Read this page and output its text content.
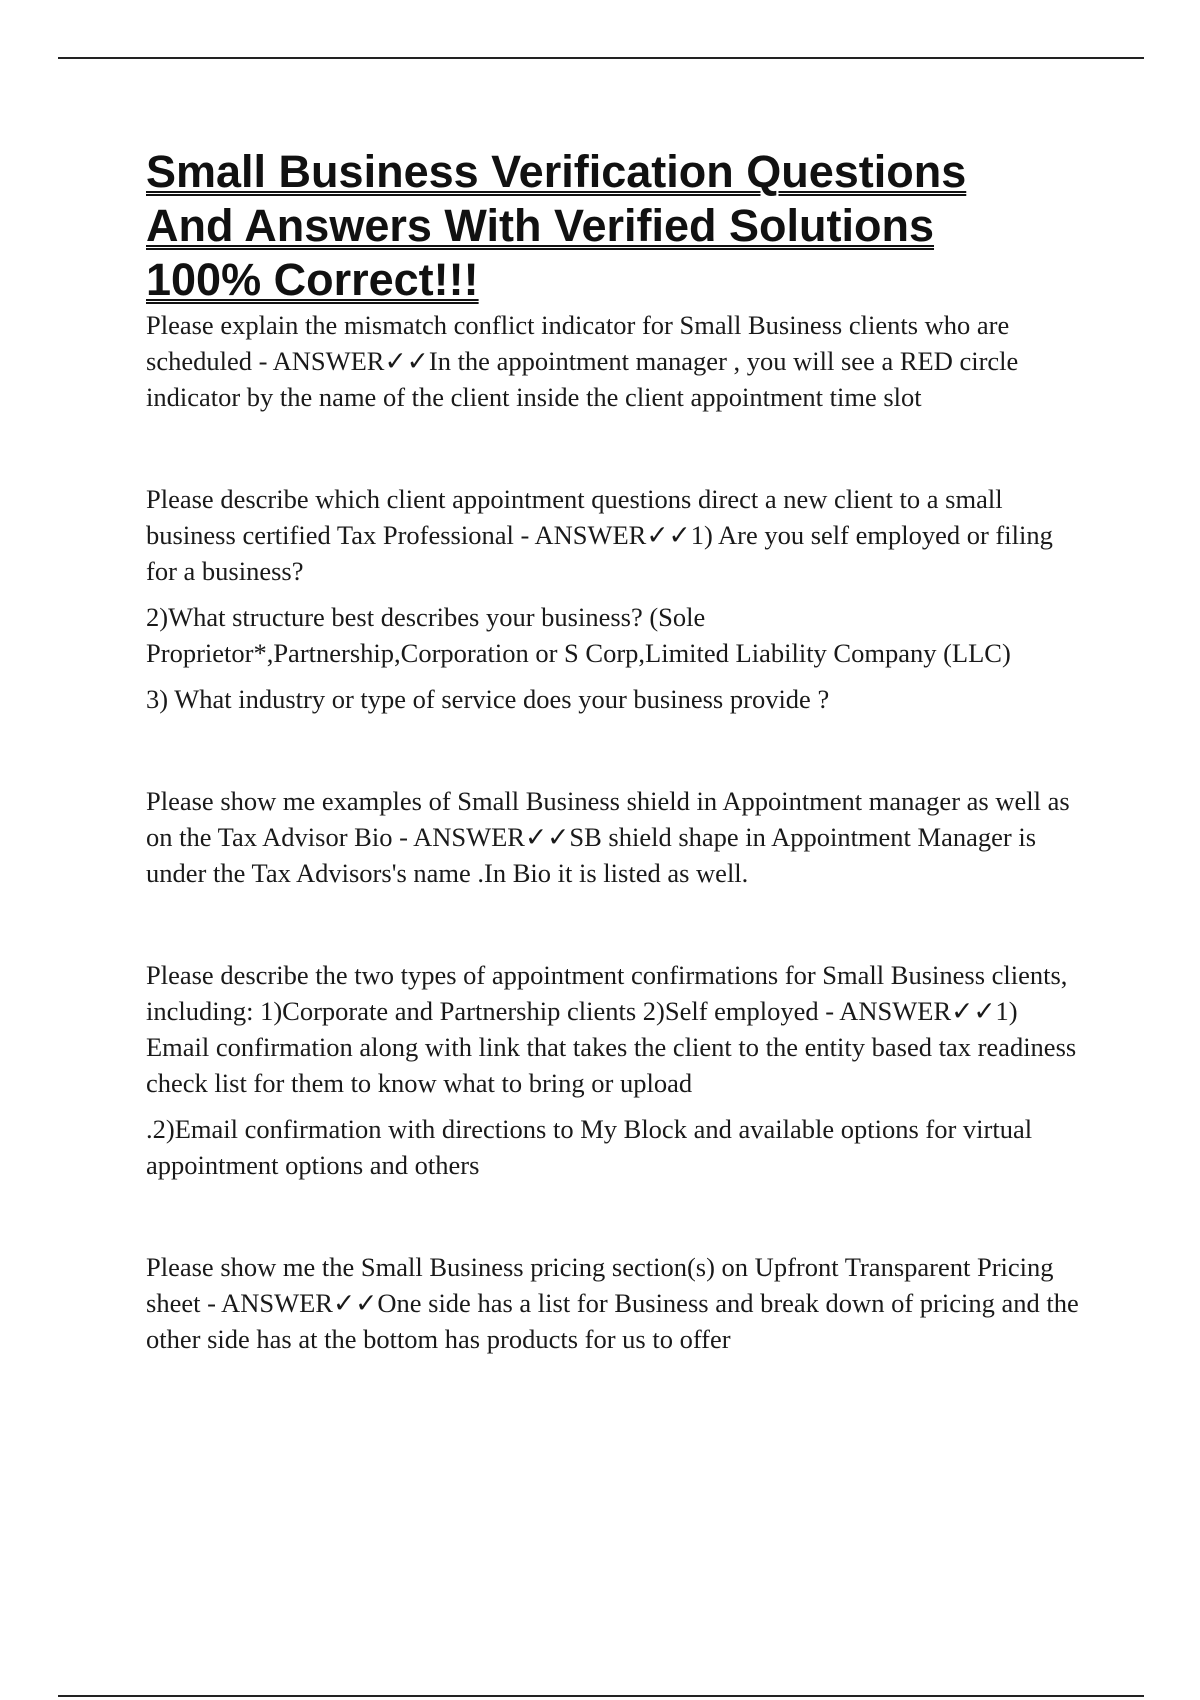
Small Business Verification Questions
And Answers With Verified Solutions
100% Correct!!!

Please explain the mismatch conflict indicator for Small Business clients who are scheduled - ANSWER✓✓In the appointment manager , you will see a RED circle indicator by the name of the client inside the client appointment time slot

Please describe which client appointment questions direct a new client to a small business certified Tax Professional - ANSWER✓✓1) Are you self employed or filing for a business?

2)What structure best describes your business? (Sole Proprietor*,Partnership,Corporation or S Corp,Limited Liability Company (LLC)

3) What industry or type of service does your business provide ?

Please show me examples of Small Business shield in Appointment manager as well as on the Tax Advisor Bio - ANSWER✓✓SB shield shape in Appointment Manager is under the Tax Advisors's name .In Bio it is listed as well.

Please describe the two types of appointment confirmations for Small Business clients, including: 1)Corporate and Partnership clients 2)Self employed - ANSWER✓✓1) Email confirmation along with link that takes the client to the entity based tax readiness check list for them to know what to bring or upload

.2)Email confirmation with directions to My Block and available options for virtual appointment options and others

Please show me the Small Business pricing section(s) on Upfront Transparent Pricing sheet - ANSWER✓✓One side has a list for Business and break down of pricing and the other side has at the bottom has products for us to offer
